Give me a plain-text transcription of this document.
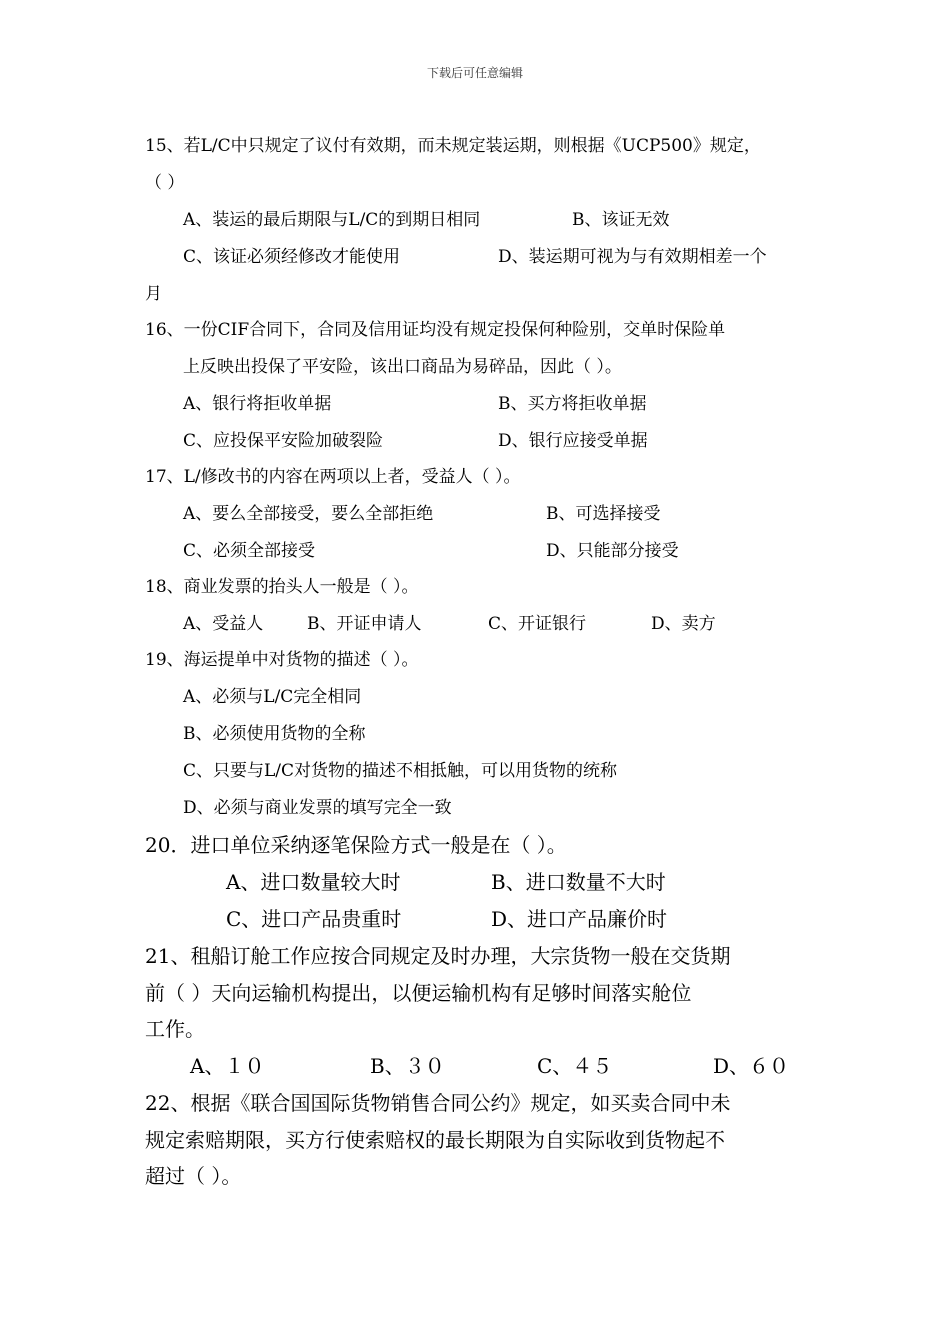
下载后可任意编辑
15、若L/C中只规定了议付有效期，而未规定装运期，则根据《UCP500》规定，
（ ）
A、装运的最后期限与L/C的到期日相同	B、该证无效
C、该证必须经修改才能使用	D、装运期可视为与有效期相差一个
月
16、一份CIF合同下，合同及信用证均没有规定投保何种险别，交单时保险单
上反映出投保了平安险，该出口商品为易碎品，因此（ ）。
A、银行将拒收单据	B、买方将拒收单据
C、应投保平安险加破裂险	D、银行应接受单据
17、L/修改书的内容在两项以上者，受益人（ ）。
A、要么全部接受，要么全部拒绝	B、可选择接受
C、必须全部接受	D、只能部分接受
18、商业发票的抬头人一般是（ ）。
A、受益人	B、开证申请人	C、开证银行	D、卖方
19、海运提单中对货物的描述（ ）。
A、必须与L/C完全相同
B、必须使用货物的全称
C、只要与L/C对货物的描述不相抵触，可以用货物的统称
D、必须与商业发票的填写完全一致
20．进口单位采纳逐笔保险方式一般是在（ ）。
A、进口数量较大时	B、进口数量不大时
C、进口产品贵重时	D、进口产品廉价时
21、租船订舱工作应按合同规定及时办理，大宗货物一般在交货期
前（ ）天向运输机构提出，以便运输机构有足够时间落实舱位
工作。
A、１０	B、３０	C、４５	D、６０
22、根据《联合国国际货物销售合同公约》规定，如买卖合同中未
规定索赔期限，买方行使索赔权的最长期限为自实际收到货物起不
超过（ ）。
